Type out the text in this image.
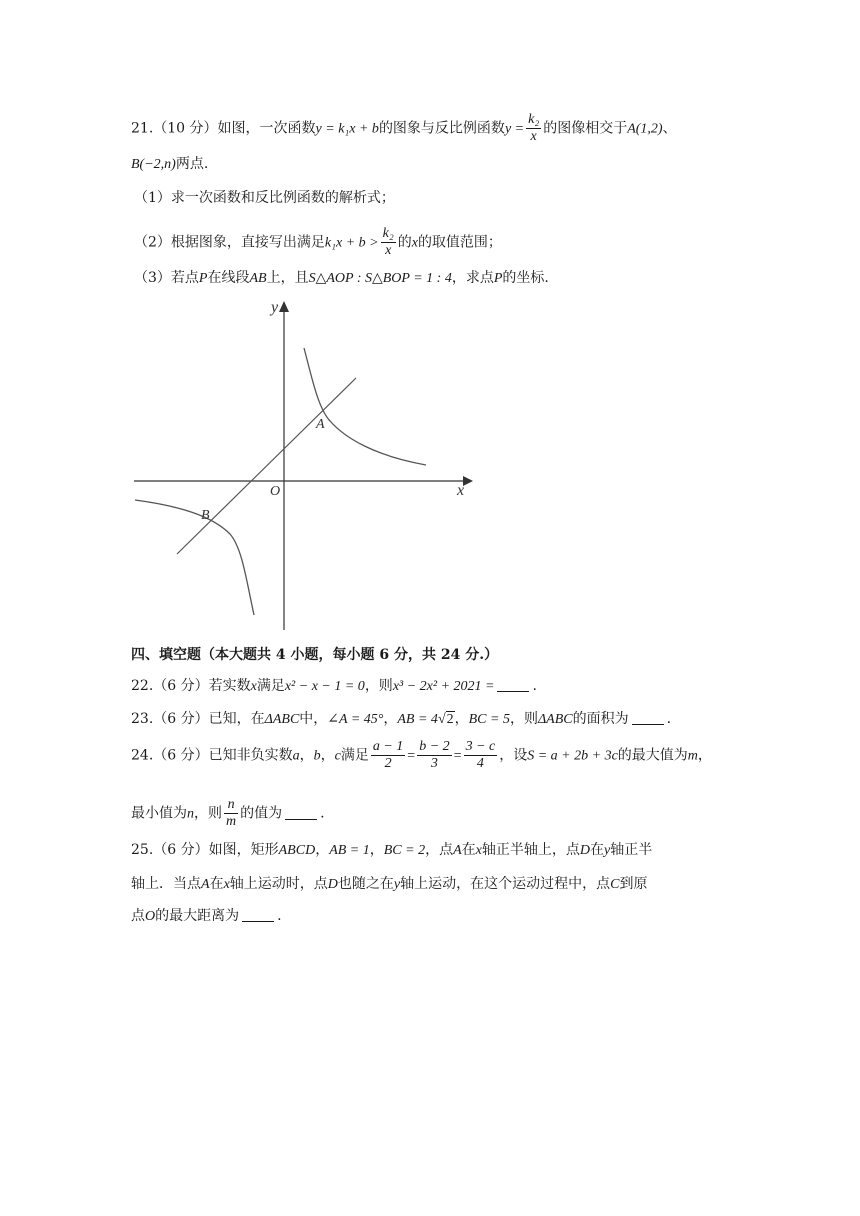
21.（10 分）如图，一次函数y = k₁x + b的图象与反比例函数$y = \frac{\text{k₂}}{x}$ 的图像相交于A(1,2)、
B(−2,n)两点.
（1）求一次函数和反比例函数的解析式；
（2）根据图象，直接写出满足$k_1x + b > \frac{\text{k₂}}{x}$ 的x的取值范围；
（3）若点P在线段AB上，且S△AOP : S△BOP = 1 : 4，求点P的坐标.
y
x
O
A
B
四、填空题（本大题共 4 小题，每小题 6 分，共 24 分.）
22.（6 分）若实数x满足x² − x − 1 = 0，则x³ − 2x² + 2021 =	.
23.（6 分）已知，在ΔABC中，∠A = 45°，AB = 4√2，BC = 5，则ΔABC的面积为	.
24.（6 分）已知非负实数a，b，c满足 $\frac{a - 1}{2} = \frac{b - 2}{3} = \frac{3 - c}{4}$ ，设S = a + 2b + 3c的最大值为m，
最小值为n，则 $\frac{n}{m}$ 的值为	.
25.（6 分）如图，矩形ABCD，AB = 1，BC = 2，点A在x轴正半轴上，点D在y轴正半
轴上．当点A在x轴上运动时，点D也随之在y轴上运动，在这个运动过程中，点C到原
点O的最大距离为	.
